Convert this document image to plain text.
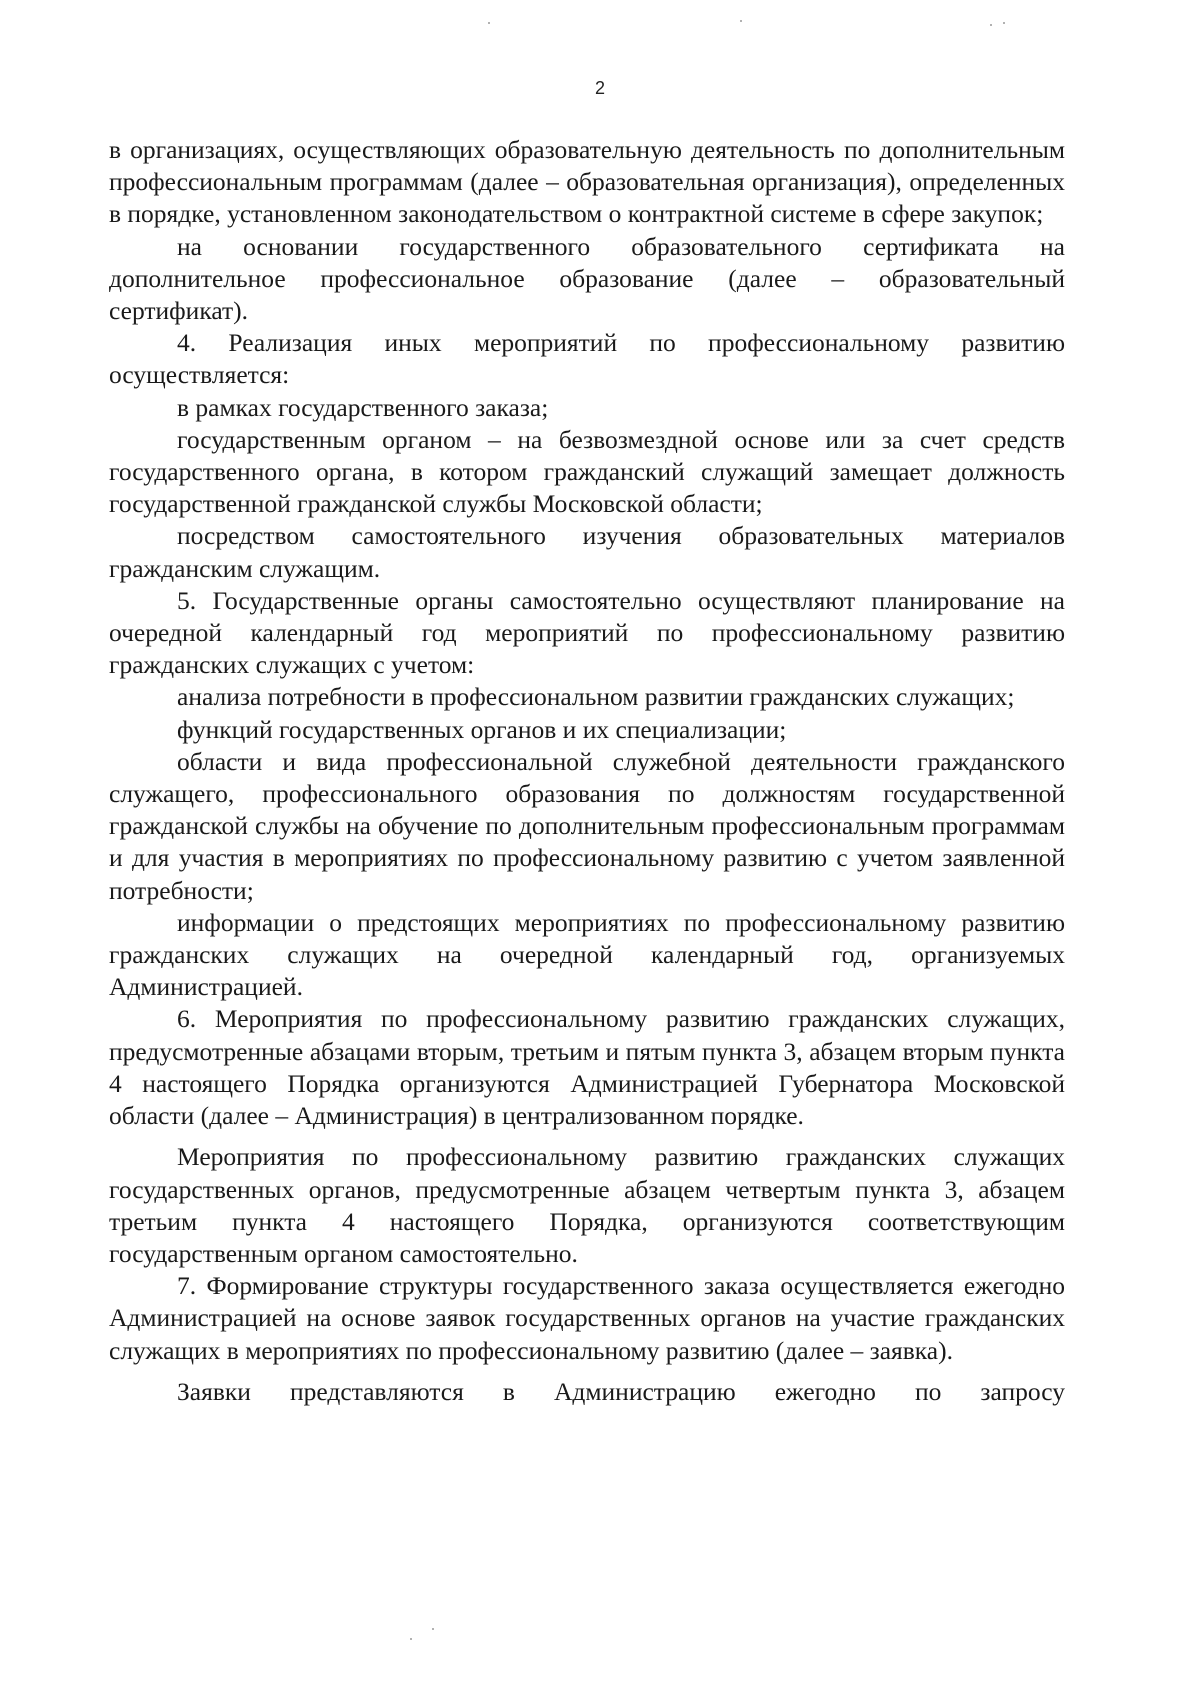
2

в организациях, осуществляющих образовательную деятельность по дополнительным профессиональным программам (далее – образовательная организация), определенных в порядке, установленном законодательством о контрактной системе в сфере закупок;

на основании государственного образовательного сертификата на дополнительное профессиональное образование (далее – образовательный сертификат).

4. Реализация иных мероприятий по профессиональному развитию осуществляется:

в рамках государственного заказа;

государственным органом – на безвозмездной основе или за счет средств государственного органа, в котором гражданский служащий замещает должность государственной гражданской службы Московской области;

посредством самостоятельного изучения образовательных материалов гражданским служащим.

5. Государственные органы самостоятельно осуществляют планирование на очередной календарный год мероприятий по профессиональному развитию гражданских служащих с учетом:

анализа потребности в профессиональном развитии гражданских служащих;

функций государственных органов и их специализации;

области и вида профессиональной служебной деятельности гражданского служащего, профессионального образования по должностям государственной гражданской службы на обучение по дополнительным профессиональным программам и для участия в мероприятиях по профессиональному развитию с учетом заявленной потребности;

информации о предстоящих мероприятиях по профессиональному развитию гражданских служащих на очередной календарный год, организуемых Администрацией.

6. Мероприятия по профессиональному развитию гражданских служащих, предусмотренные абзацами вторым, третьим и пятым пункта 3, абзацем вторым пункта 4 настоящего Порядка организуются Администрацией Губернатора Московской области (далее – Администрация) в централизованном порядке.

Мероприятия по профессиональному развитию гражданских служащих государственных органов, предусмотренные абзацем четвертым пункта 3, абзацем третьим пункта 4 настоящего Порядка, организуются соответствующим государственным органом самостоятельно.

7. Формирование структуры государственного заказа осуществляется ежегодно Администрацией на основе заявок государственных органов на участие гражданских служащих в мероприятиях по профессиональному развитию (далее – заявка).

Заявки представляются в Администрацию ежегодно по запросу
